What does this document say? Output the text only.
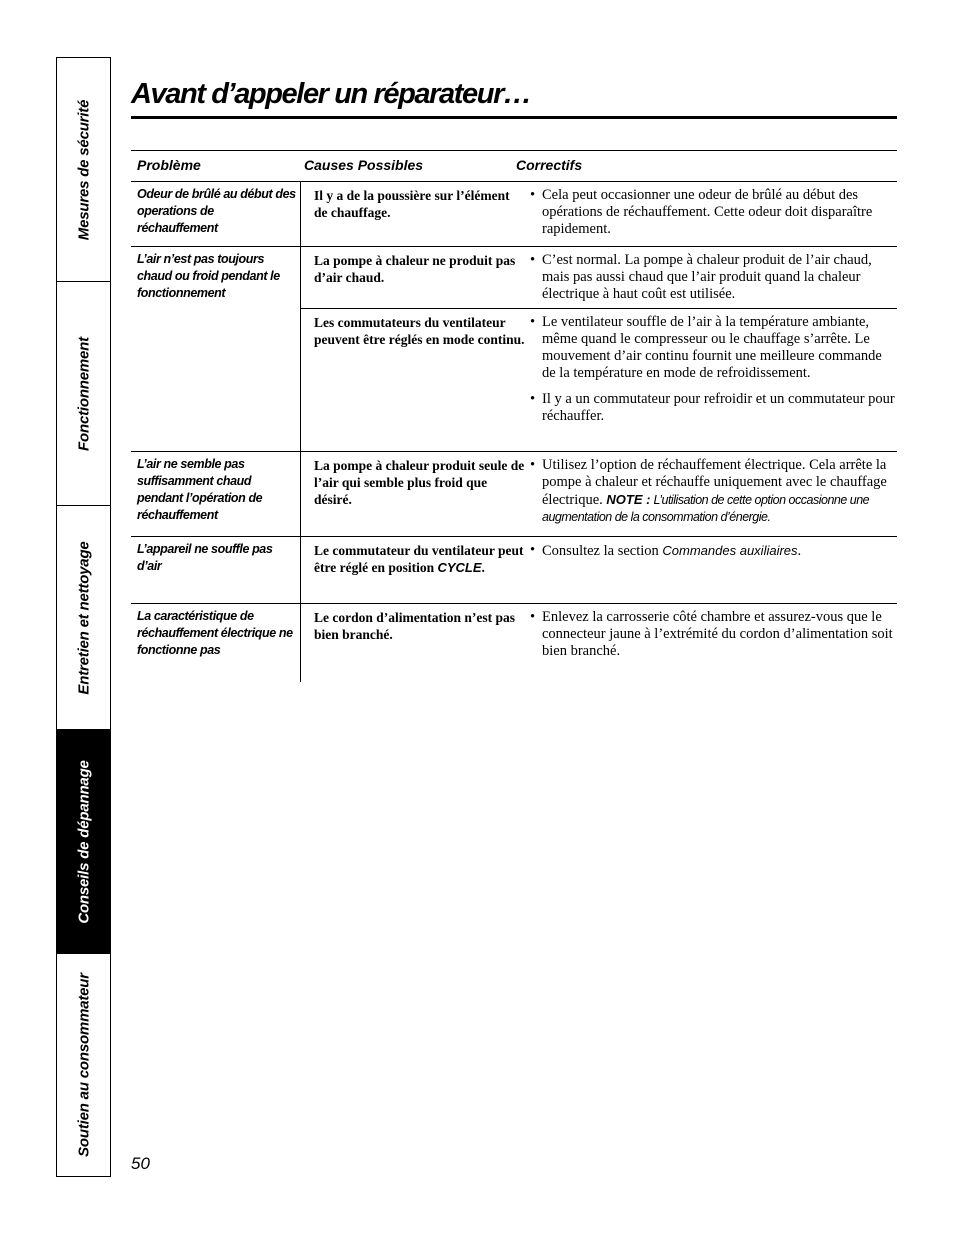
Mesures de sécurité
Fonctionnement
Entretien et nettoyage
Conseils de dépannage
Soutien au consommateur
Avant d’appeler un réparateur…
Problème	Causes Possibles	Correctifs
Odeur de brûlé au début des operations de réchauffement
Il y a de la poussière sur l’élément de chauffage.
• Cela peut occasionner une odeur de brûlé au début des opérations de réchauffement. Cette odeur doit disparaître rapidement.
L’air n’est pas toujours chaud ou froid pendant le fonctionnement
La pompe à chaleur ne produit pas d’air chaud.
• C’est normal. La pompe à chaleur produit de l’air chaud, mais pas aussi chaud que l’air produit quand la chaleur électrique à haut coût est utilisée.
Les commutateurs du ventilateur peuvent être réglés en mode continu.
• Le ventilateur souffle de l’air à la température ambiante, même quand le compresseur ou le chauffage s’arrête. Le mouvement d’air continu fournit une meilleure commande de la température en mode de refroidissement.
• Il y a un commutateur pour refroidir et un commutateur pour réchauffer.
L’air ne semble pas suffisamment chaud pendant l’opération de réchauffement
La pompe à chaleur produit seule de l’air qui semble plus froid que désiré.
• Utilisez l’option de réchauffement électrique. Cela arrête la pompe à chaleur et réchauffe uniquement avec le chauffage électrique. NOTE : L’utilisation de cette option occasionne une augmentation de la consommation d’énergie.
L’appareil ne souffle pas d’air
Le commutateur du ventilateur peut être réglé en position CYCLE.
• Consultez la section Commandes auxiliaires.
La caractéristique de réchauffement électrique ne fonctionne pas
Le cordon d’alimentation n’est pas bien branché.
• Enlevez la carrosserie côté chambre et assurez-vous que le connecteur jaune à l’extrémité du cordon d’alimentation soit bien branché.
50
